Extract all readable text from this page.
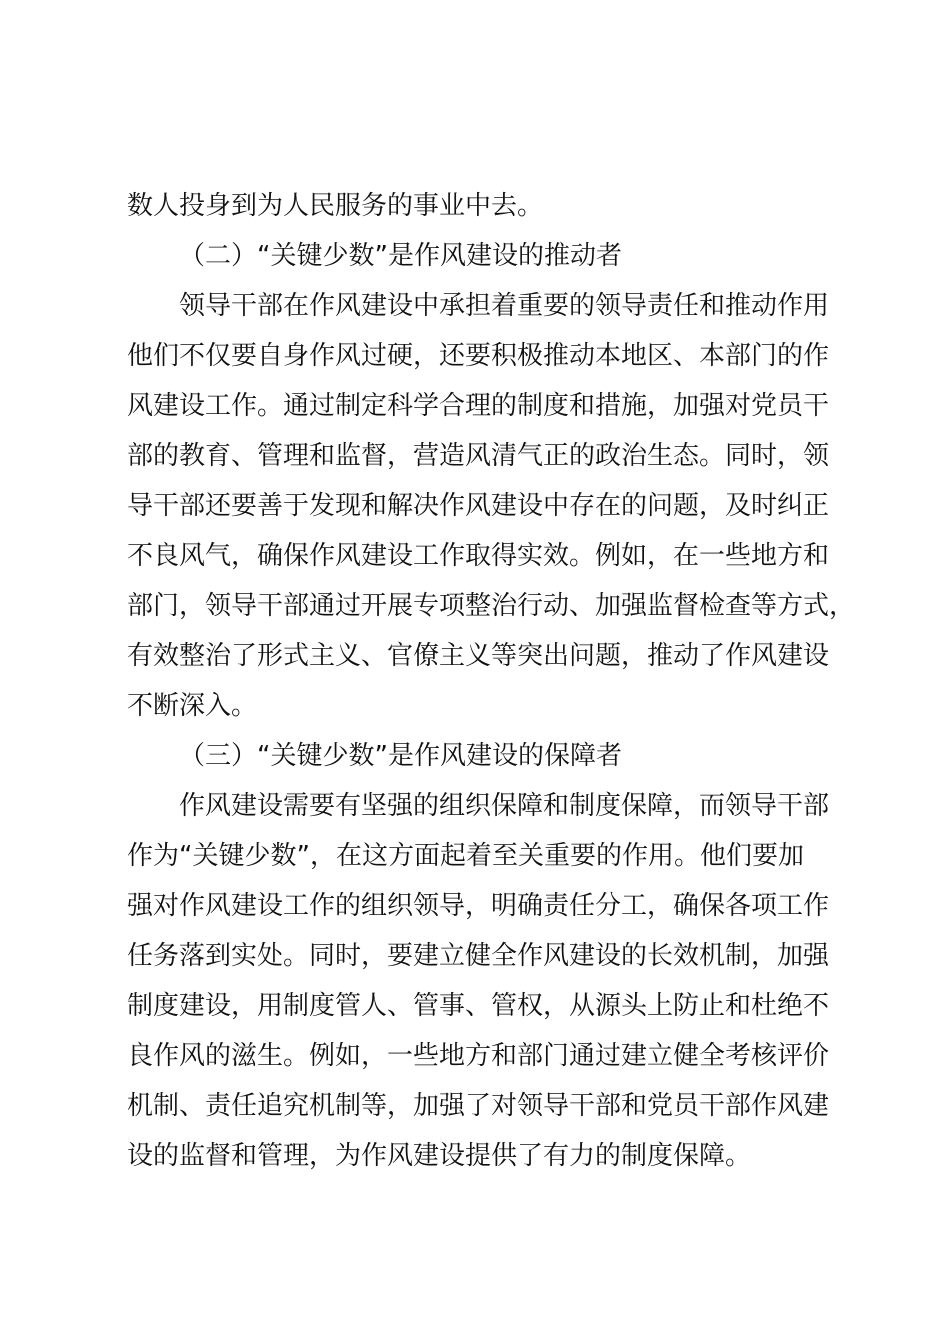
数人投身到为人民服务的事业中去。
（二）“关键少数”是作风建设的推动者
领导干部在作风建设中承担着重要的领导责任和推动作用
他们不仅要自身作风过硬，还要积极推动本地区、本部门的作
风建设工作。通过制定科学合理的制度和措施，加强对党员干
部的教育、管理和监督，营造风清气正的政治生态。同时，领
导干部还要善于发现和解决作风建设中存在的问题，及时纠正
不良风气，确保作风建设工作取得实效。例如，在一些地方和
部门，领导干部通过开展专项整治行动、加强监督检查等方式，
有效整治了形式主义、官僚主义等突出问题，推动了作风建设
不断深入。
（三）“关键少数”是作风建设的保障者
作风建设需要有坚强的组织保障和制度保障，而领导干部
作为“关键少数”，在这方面起着至关重要的作用。他们要加
强对作风建设工作的组织领导，明确责任分工，确保各项工作
任务落到实处。同时，要建立健全作风建设的长效机制，加强
制度建设，用制度管人、管事、管权，从源头上防止和杜绝不
良作风的滋生。例如，一些地方和部门通过建立健全考核评价
机制、责任追究机制等，加强了对领导干部和党员干部作风建
设的监督和管理，为作风建设提供了有力的制度保障。
